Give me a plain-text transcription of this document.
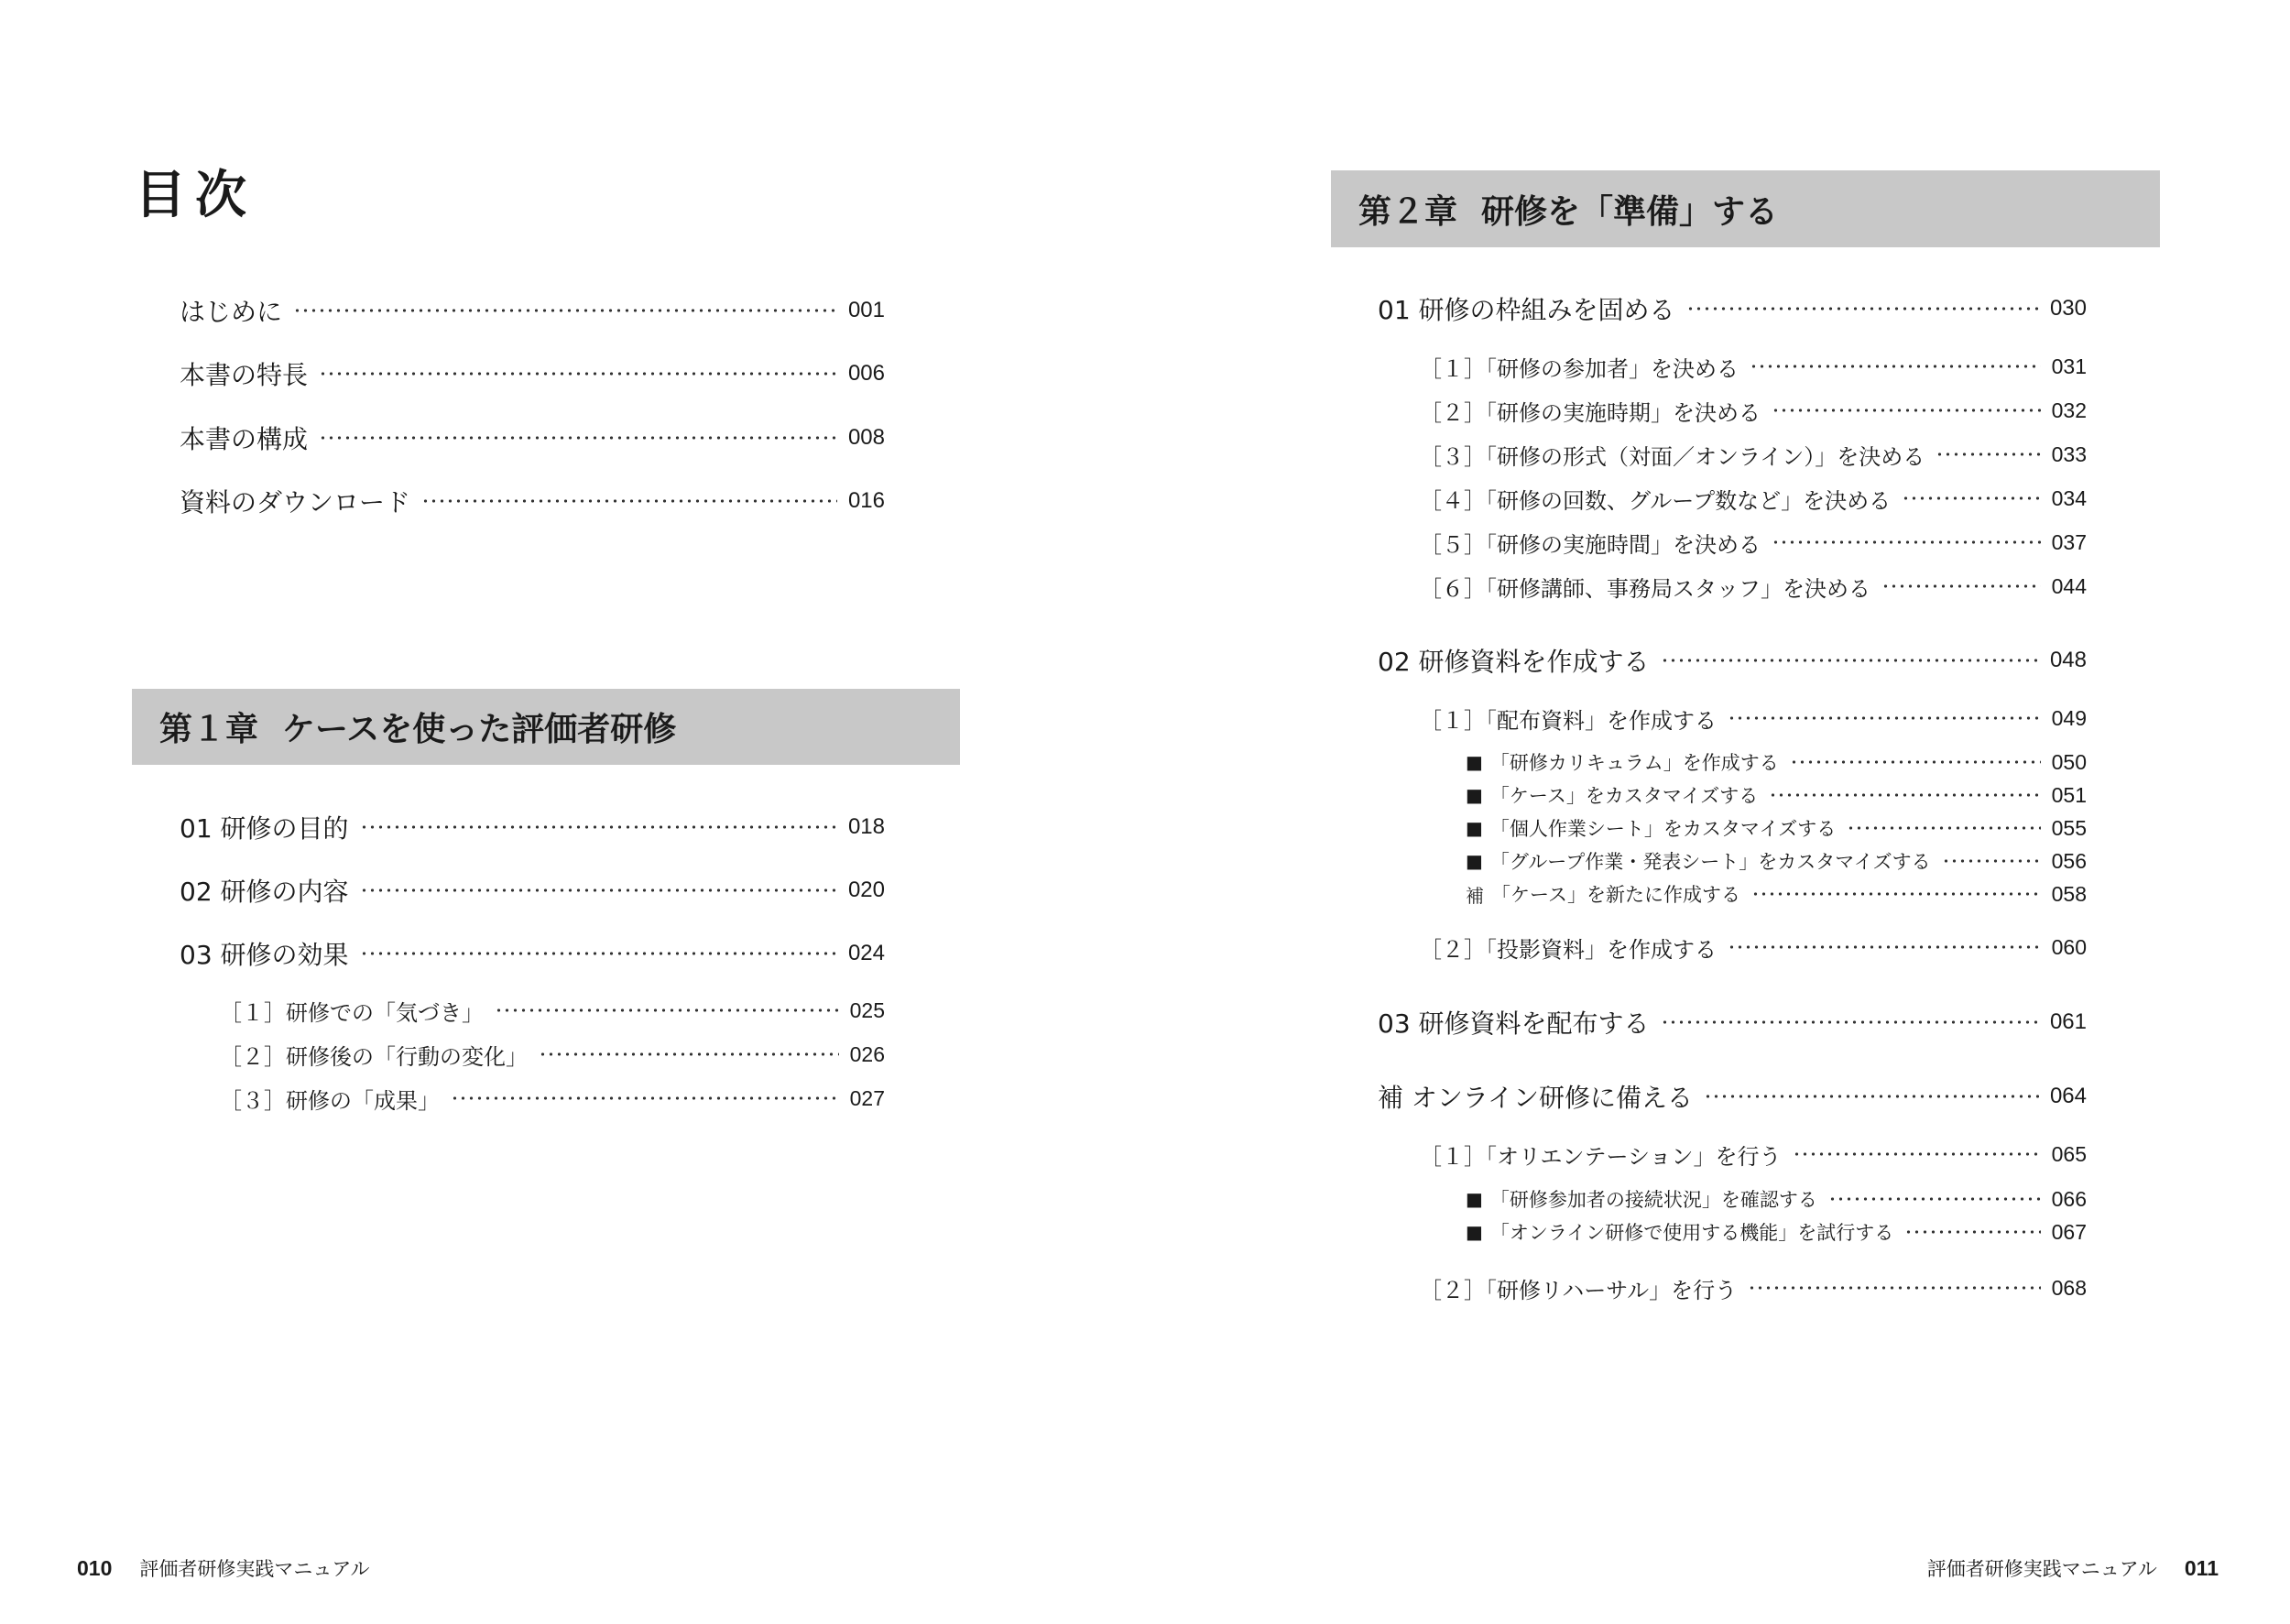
目次
はじめに	001
本書の特長	006
本書の構成	008
資料のダウンロード	016
第１章 ケースを使った評価者研修
01 研修の目的	018
02 研修の内容	020
03 研修の効果	024
［１］研修での「気づき」	025
［２］研修後の「行動の変化」	026
［３］研修の「成果」	027
010 評価者研修実践マニュアル
第２章 研修を「準備」する
01 研修の枠組みを固める	030
［１］「研修の参加者」を決める	031
［２］「研修の実施時期」を決める	032
［３］「研修の形式（対面／オンライン）」を決める	033
［４］「研修の回数、グループ数など」を決める	034
［５］「研修の実施時間」を決める	037
［６］「研修講師、事務局スタッフ」を決める	044
02 研修資料を作成する	048
［１］「配布資料」を作成する	049
■ 「研修カリキュラム」を作成する	050
■ 「ケース」をカスタマイズする	051
■ 「個人作業シート」をカスタマイズする	055
■ 「グループ作業・発表シート」をカスタマイズする	056
補 「ケース」を新たに作成する	058
［２］「投影資料」を作成する	060
03 研修資料を配布する	061
補 オンライン研修に備える	064
［１］「オリエンテーション」を行う	065
■ 「研修参加者の接続状況」を確認する	066
■ 「オンライン研修で使用する機能」を試行する	067
［２］「研修リハーサル」を行う	068
評価者研修実践マニュアル 011
